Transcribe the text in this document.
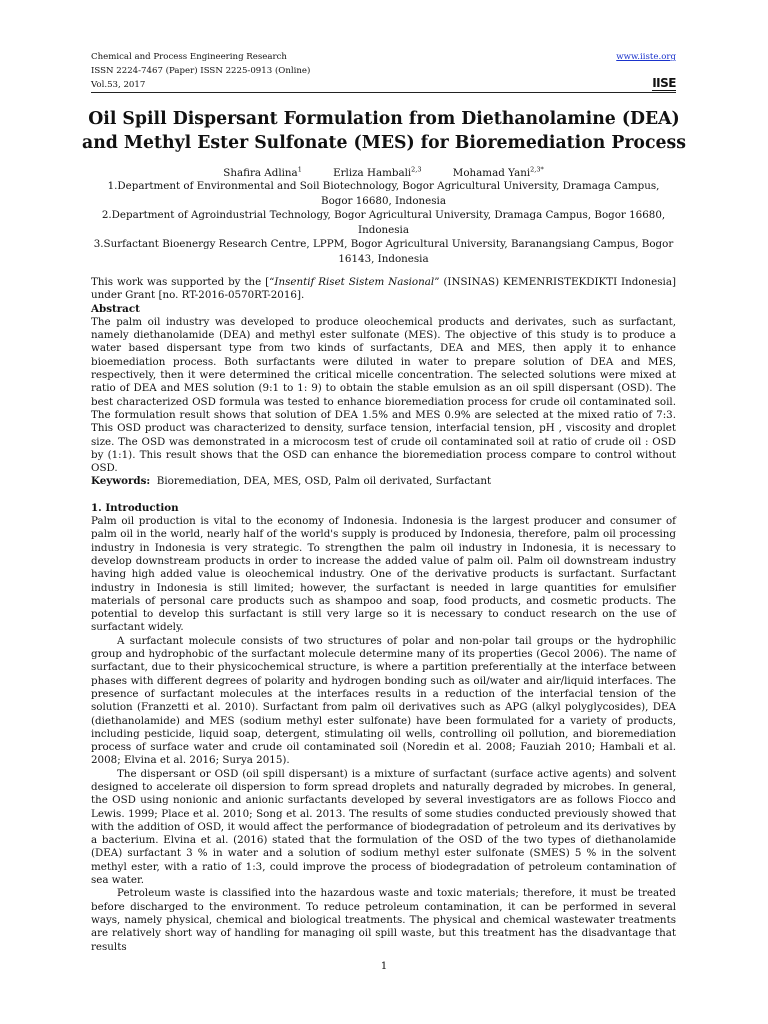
Chemical and Process Engineering Research
ISSN 2224-7467 (Paper) ISSN 2225-0913 (Online)
Vol.53, 2017
www.iiste.org
IISE
Oil Spill Dispersant Formulation from Diethanolamine (DEA) and Methyl Ester Sulfonate (MES) for Bioremediation Process
Shafira Adlina$^1$	Erliza Hambali$^{2,3}$	Mohamad Yani$^{2,3*}$

1.Department of Environmental and Soil Biotechnology, Bogor Agricultural University, Dramaga Campus, Bogor 16680, Indonesia

2.Department of Agroindustrial Technology, Bogor Agricultural University, Dramaga Campus, Bogor 16680, Indonesia

3.Surfactant Bioenergy Research Centre, LPPM, Bogor Agricultural University, Baranangsiang Campus, Bogor 16143, Indonesia

This work was supported by the [“Insentif Riset Sistem Nasional” (INSINAS) KEMENRISTEKDIKTI Indonesia] under Grant [no. RT-2016-0570RT-2016].

Abstract

The palm oil industry was developed to produce oleochemical products and derivates, such as surfactant, namely diethanolamide (DEA) and methyl ester sulfonate (MES). The objective of this study is to produce a water based dispersant type from two kinds of surfactants, DEA and MES, then apply it to enhance bioemediation process. Both surfactants were diluted in water to prepare solution of DEA and MES, respectively, then it were determined the critical micelle concentration. The selected solutions were mixed at ratio of DEA and MES solution (9:1 to 1: 9) to obtain the stable emulsion as an oil spill dispersant (OSD). The best characterized OSD formula was tested to enhance bioremediation process for crude oil contaminated soil. The formulation result shows that solution of DEA 1.5% and MES 0.9% are selected at the mixed ratio of 7:3. This OSD product was characterized to density, surface tension, interfacial tension, pH , viscosity and droplet size. The OSD was demonstrated in a microcosm test of crude oil contaminated soil at ratio of crude oil : OSD by (1:1). This result shows that the OSD can enhance the bioremediation process compare to control without OSD.

Keywords: Bioremediation, DEA, MES, OSD, Palm oil derivated, Surfactant

1. Introduction

Palm oil production is vital to the economy of Indonesia. Indonesia is the largest producer and consumer of palm oil in the world, nearly half of the world's supply is produced by Indonesia, therefore, palm oil processing industry in Indonesia is very strategic. To strengthen the palm oil industry in Indonesia, it is necessary to develop downstream products in order to increase the added value of palm oil. Palm oil downstream industry having high added value is oleochemical industry. One of the derivative products is surfactant. Surfactant industry in Indonesia is still limited; however, the surfactant is needed in large quantities for emulsifier materials of personal care products such as shampoo and soap, food products, and cosmetic products. The potential to develop this surfactant is still very large so it is necessary to conduct research on the use of surfactant widely.

A surfactant molecule consists of two structures of polar and non-polar tail groups or the hydrophilic group and hydrophobic of the surfactant molecule determine many of its properties (Gecol 2006). The name of surfactant, due to their physicochemical structure, is where a partition preferentially at the interface between phases with different degrees of polarity and hydrogen bonding such as oil/water and air/liquid interfaces. The presence of surfactant molecules at the interfaces results in a reduction of the interfacial tension of the solution (Franzetti et al. 2010). Surfactant from palm oil derivatives such as APG (alkyl polyglycosides), DEA (diethanolamide) and MES (sodium methyl ester sulfonate) have been formulated for a variety of products, including pesticide, liquid soap, detergent, stimulating oil wells, controlling oil pollution, and bioremediation process of surface water and crude oil contaminated soil (Noredin et al. 2008; Fauziah 2010; Hambali et al. 2008; Elvina et al. 2016; Surya 2015).

The dispersant or OSD (oil spill dispersant) is a mixture of surfactant (surface active agents) and solvent designed to accelerate oil dispersion to form spread droplets and naturally degraded by microbes. In general, the OSD using nonionic and anionic surfactants developed by several investigators are as follows Fiocco and Lewis. 1999; Place et al. 2010; Song et al. 2013. The results of some studies conducted previously showed that with the addition of OSD, it would affect the performance of biodegradation of petroleum and its derivatives by a bacterium. Elvina et al. (2016) stated that the formulation of the OSD of the two types of diethanolamide (DEA) surfactant 3 % in water and a solution of sodium methyl ester sulfonate (SMES) 5 % in the solvent methyl ester, with a ratio of 1:3, could improve the process of biodegradation of petroleum contamination of sea water.

Petroleum waste is classified into the hazardous waste and toxic materials; therefore, it must be treated before discharged to the environment. To reduce petroleum contamination, it can be performed in several ways, namely physical, chemical and biological treatments. The physical and chemical wastewater treatments are relatively short way of handling for managing oil spill waste, but this treatment has the disadvantage that results

1
